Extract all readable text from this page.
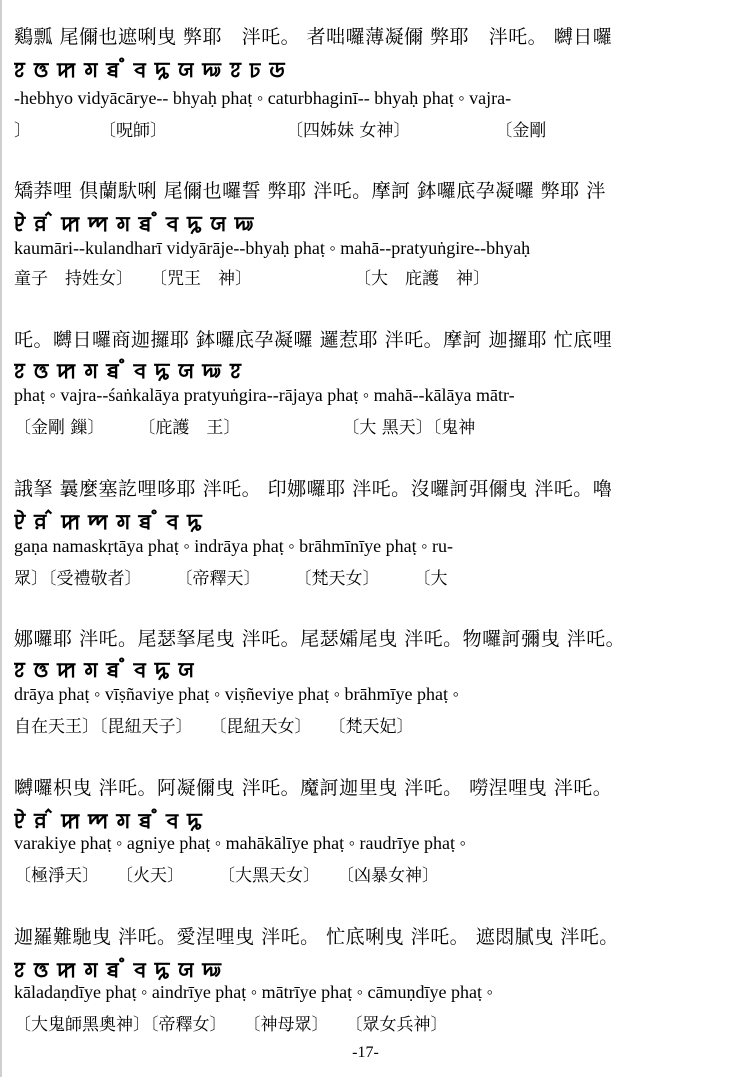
鷄瓢 尾儞也遮唎曳 弊耶　泮吒。 者咄囉薄凝儞 弊耶　泮吒。 嚩日囉
ꠐ ꠃ ꠇ ꠉ ꠊ ꠋ ꠌ ꠍ ꠎ ꠏ ꠐ ꠑ ꠒ
-hebhyo vidyācārye-- bhyaḥ phaṭ ◦ caturbhaginī-- bhyaḥ phaṭ ◦ vajra-
〕　　　　　〔呪師〕　　　　　　　　〔四姊妹 女神〕　　　　　　〔金剛
矯莽哩 倶蘭馱唎 尾儞也囉誓 弊耶 泮吒。摩訶 鉢囉底孕凝囉 弊耶 泮
ꠄ ꠅ ꠆ ꠇ ꠈ ꠉ ꠊ ꠋ ꠌ ꠍ ꠎ ꠏ
kaumāri--kulandharī vidyārāje--bhyaḥ phaṭ ◦ mahā--pratyuṅgire--bhyaḥ
童子　持姓女〕　　〔咒王　神〕　　　　　　　〔大　庇護　神〕
吒。嚩日囉商迦攞耶 鉢囉底孕凝囉 邏惹耶 泮吒。摩訶 迦攞耶 忙底哩
ꠐ ꠃ ꠇ ꠉ ꠊ ꠋ ꠌ ꠍ ꠎ ꠏ ꠐ
phaṭ ◦ vajra--śaṅkalāya pratyuṅgira--rājaya phaṭ ◦ mahā--kālāya mātr-
〔金剛 鏁〕　　　〔庇護　王〕　　　　　　　〔大 黑天〕〔鬼神
誐拏 曩麼塞訖哩哆耶 泮吒。 印娜囉耶 泮吒。沒囉訶弭儞曳 泮吒。嚕
ꠄ ꠅ ꠆ ꠇ ꠈ ꠉ ꠊ ꠋ ꠌ ꠍ
gaṇa namaskṛtāya phaṭ ◦ indrāya phaṭ ◦ brāhmīnīye phaṭ ◦ ru-
眾〕〔受禮敬者〕　　　〔帝釋天〕　　　〔梵天女〕　　　〔大
娜囉耶 泮吒。尾瑟拏尾曳 泮吒。尾瑟孀尾曳 泮吒。物囉訶彌曳 泮吒。
ꠐ ꠃ ꠇ ꠉ ꠊ ꠋ ꠌ ꠍ ꠎ
drāya phaṭ ◦ vīṣñaviye phaṭ ◦ viṣñeviye phaṭ ◦ brāhmīye phaṭ ◦
自在天王〕〔毘紐天子〕　　〔毘紐天女〕　　〔梵天妃〕
嚩囉枳曳 泮吒。阿凝儞曳 泮吒。魔訶迦里曳 泮吒。 嘮涅哩曳 泮吒。
ꠄ ꠅ ꠆ ꠇ ꠈ ꠉ ꠊ ꠋ ꠌ ꠍ
varakiye phaṭ ◦ agniye phaṭ ◦ mahākālīye phaṭ ◦ raudrīye phaṭ ◦
〔極淨天〕　　〔火天〕　　　〔大黑天女〕　　〔凶暴女神〕
迦羅難馳曳 泮吒。愛涅哩曳 泮吒。 忙底唎曳 泮吒。 遮悶膩曳 泮吒。
ꠐ ꠃ ꠇ ꠉ ꠊ ꠋ ꠌ ꠍ ꠎ ꠏ
kāladaṇdīye phaṭ ◦ aindrīye phaṭ ◦ mātrīye phaṭ ◦ cāmuṇdīye phaṭ ◦
〔大鬼師黑奧神〕〔帝釋女〕　　〔神母眾〕　　〔眾女兵神〕
-17-
